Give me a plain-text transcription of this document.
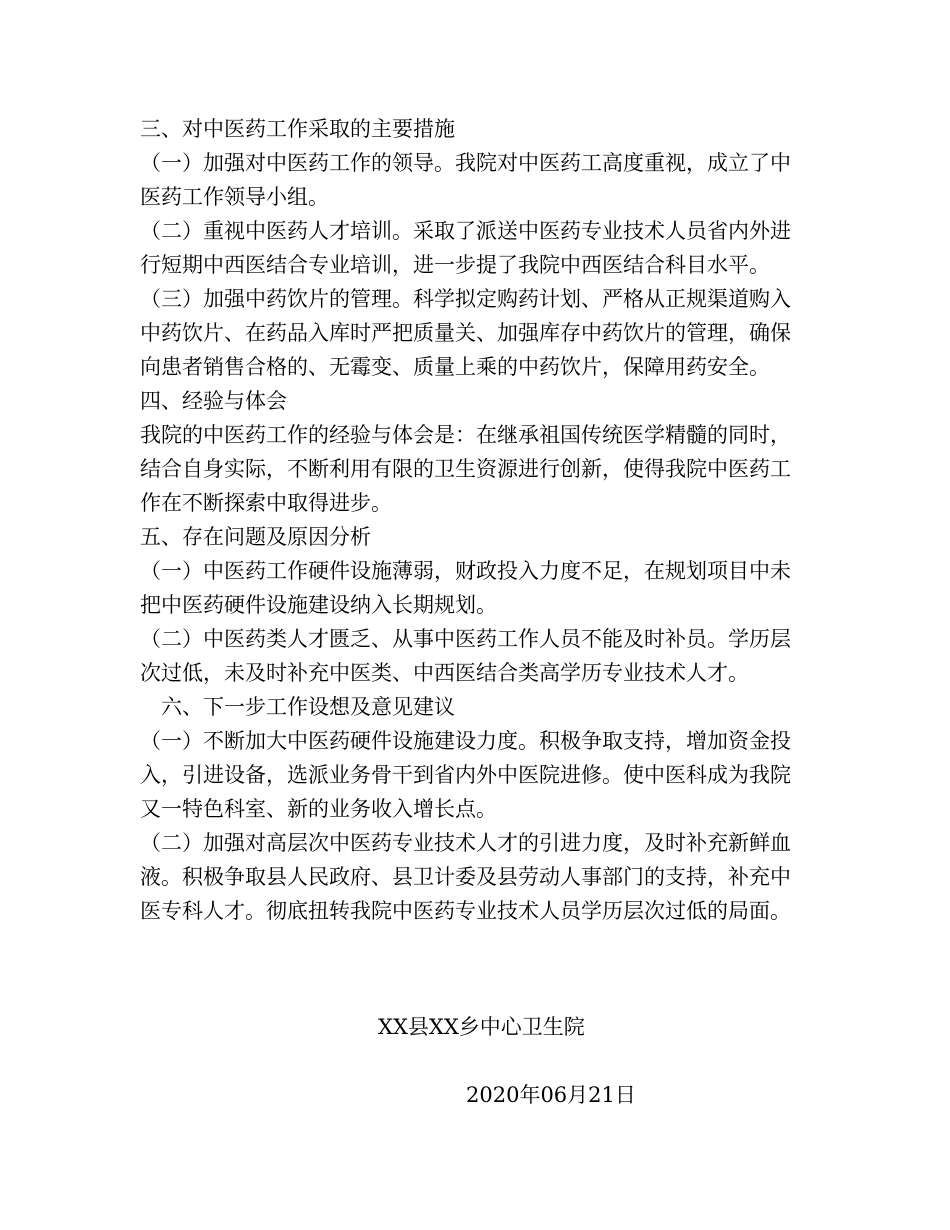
三、对中医药工作采取的主要措施
（一）加强对中医药工作的领导。我院对中医药工高度重视，成立了中
医药工作领导小组。
（二）重视中医药人才培训。采取了派送中医药专业技术人员省内外进
行短期中西医结合专业培训，进一步提了我院中西医结合科目水平。
（三）加强中药饮片的管理。科学拟定购药计划、严格从正规渠道购入
中药饮片、在药品入库时严把质量关、加强库存中药饮片的管理，确保
向患者销售合格的、无霉变、质量上乘的中药饮片，保障用药安全。
四、经验与体会
我院的中医药工作的经验与体会是：在继承祖国传统医学精髓的同时，
结合自身实际，不断利用有限的卫生资源进行创新，使得我院中医药工
作在不断探索中取得进步。
五、存在问题及原因分析
（一）中医药工作硬件设施薄弱，财政投入力度不足，在规划项目中未
把中医药硬件设施建设纳入长期规划。
（二）中医药类人才匮乏、从事中医药工作人员不能及时补员。学历层
次过低，未及时补充中医类、中西医结合类高学历专业技术人才。
六、下一步工作设想及意见建议
（一）不断加大中医药硬件设施建设力度。积极争取支持，增加资金投
入，引进设备，选派业务骨干到省内外中医院进修。使中医科成为我院
又一特色科室、新的业务收入增长点。
（二）加强对高层次中医药专业技术人才的引进力度，及时补充新鲜血
液。积极争取县人民政府、县卫计委及县劳动人事部门的支持，补充中
医专科人才。彻底扭转我院中医药专业技术人员学历层次过低的局面。
XX县XX乡中心卫生院
2020年06月21日
